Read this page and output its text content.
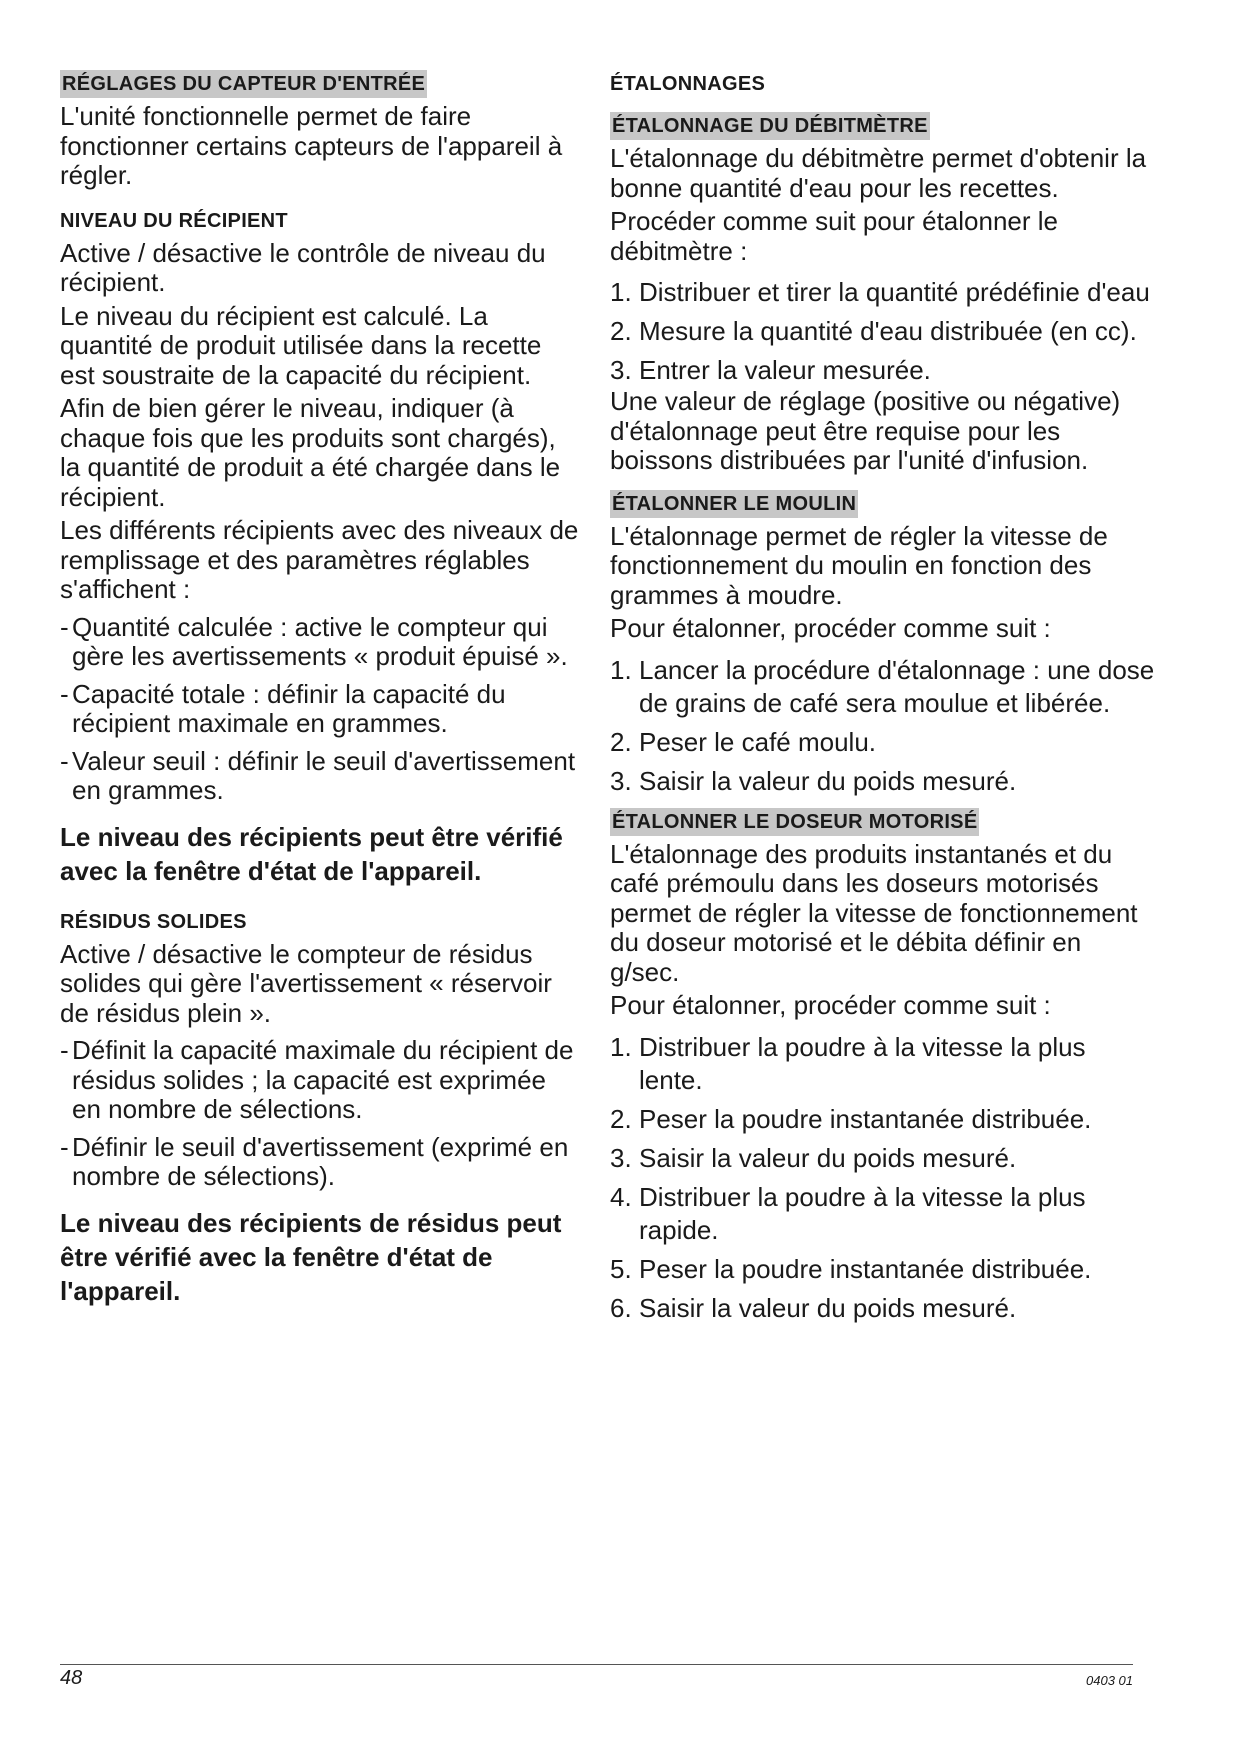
RÉGLAGES DU CAPTEUR D'ENTRÉE

L'unité fonctionnelle permet de faire fonctionner certains capteurs de l'appareil à régler.

NIVEAU DU RÉCIPIENT

Active / désactive le contrôle de niveau du récipient.

Le niveau du récipient est calculé. La quantité de produit utilisée dans la recette est soustraite de la capacité du récipient.

Afin de bien gérer le niveau, indiquer (à chaque fois que les produits sont chargés), la quantité de produit a été chargée dans le récipient.

Les différents récipients avec des niveaux de remplissage et des paramètres réglables s'affichent :

- Quantité calculée : active le compteur qui gère les avertissements « produit épuisé ».
- Capacité totale : définir la capacité du récipient maximale en grammes.
- Valeur seuil : définir le seuil d'avertissement en grammes.
Le niveau des récipients peut être vérifié avec la fenêtre d'état de l'appareil.
RÉSIDUS SOLIDES

Active / désactive le compteur de résidus solides qui gère l'avertissement « réservoir de résidus plein ».

- Définit la capacité maximale du récipient de résidus solides ; la capacité est exprimée en nombre de sélections.
- Définir le seuil d'avertissement (exprimé en nombre de sélections).
Le niveau des récipients de résidus peut être vérifié avec la fenêtre d'état de l'appareil.
ÉTALONNAGES
ÉTALONNAGE DU DÉBITMÈTRE

L'étalonnage du débitmètre permet d'obtenir la bonne quantité d'eau pour les recettes.

Procéder comme suit pour étalonner le débitmètre :

1. Distribuer et tirer la quantité prédéfinie d'eau
2. Mesure la quantité d'eau distribuée (en cc).
3. Entrer la valeur mesurée.

Une valeur de réglage (positive ou négative) d'étalonnage peut être requise pour les boissons distribuées par l'unité d'infusion.

ÉTALONNER LE MOULIN

L'étalonnage permet de régler la vitesse de fonctionnement du moulin en fonction des grammes à moudre.

Pour étalonner, procéder comme suit :

1. Lancer la procédure d'étalonnage : une dose de grains de café sera moulue et libérée.
2. Peser le café moulu.
3. Saisir la valeur du poids mesuré.
ÉTALONNER LE DOSEUR MOTORISÉ

L'étalonnage des produits instantanés et du café prémoulu dans les doseurs motorisés permet de régler la vitesse de fonctionnement du doseur motorisé et le débita définir en g/sec.

Pour étalonner, procéder comme suit :

1. Distribuer la poudre à la vitesse la plus lente.
2. Peser la poudre instantanée distribuée.
3. Saisir la valeur du poids mesuré.
4. Distribuer la poudre à la vitesse la plus rapide.
5. Peser la poudre instantanée distribuée.
6. Saisir la valeur du poids mesuré.
48	0403 01
